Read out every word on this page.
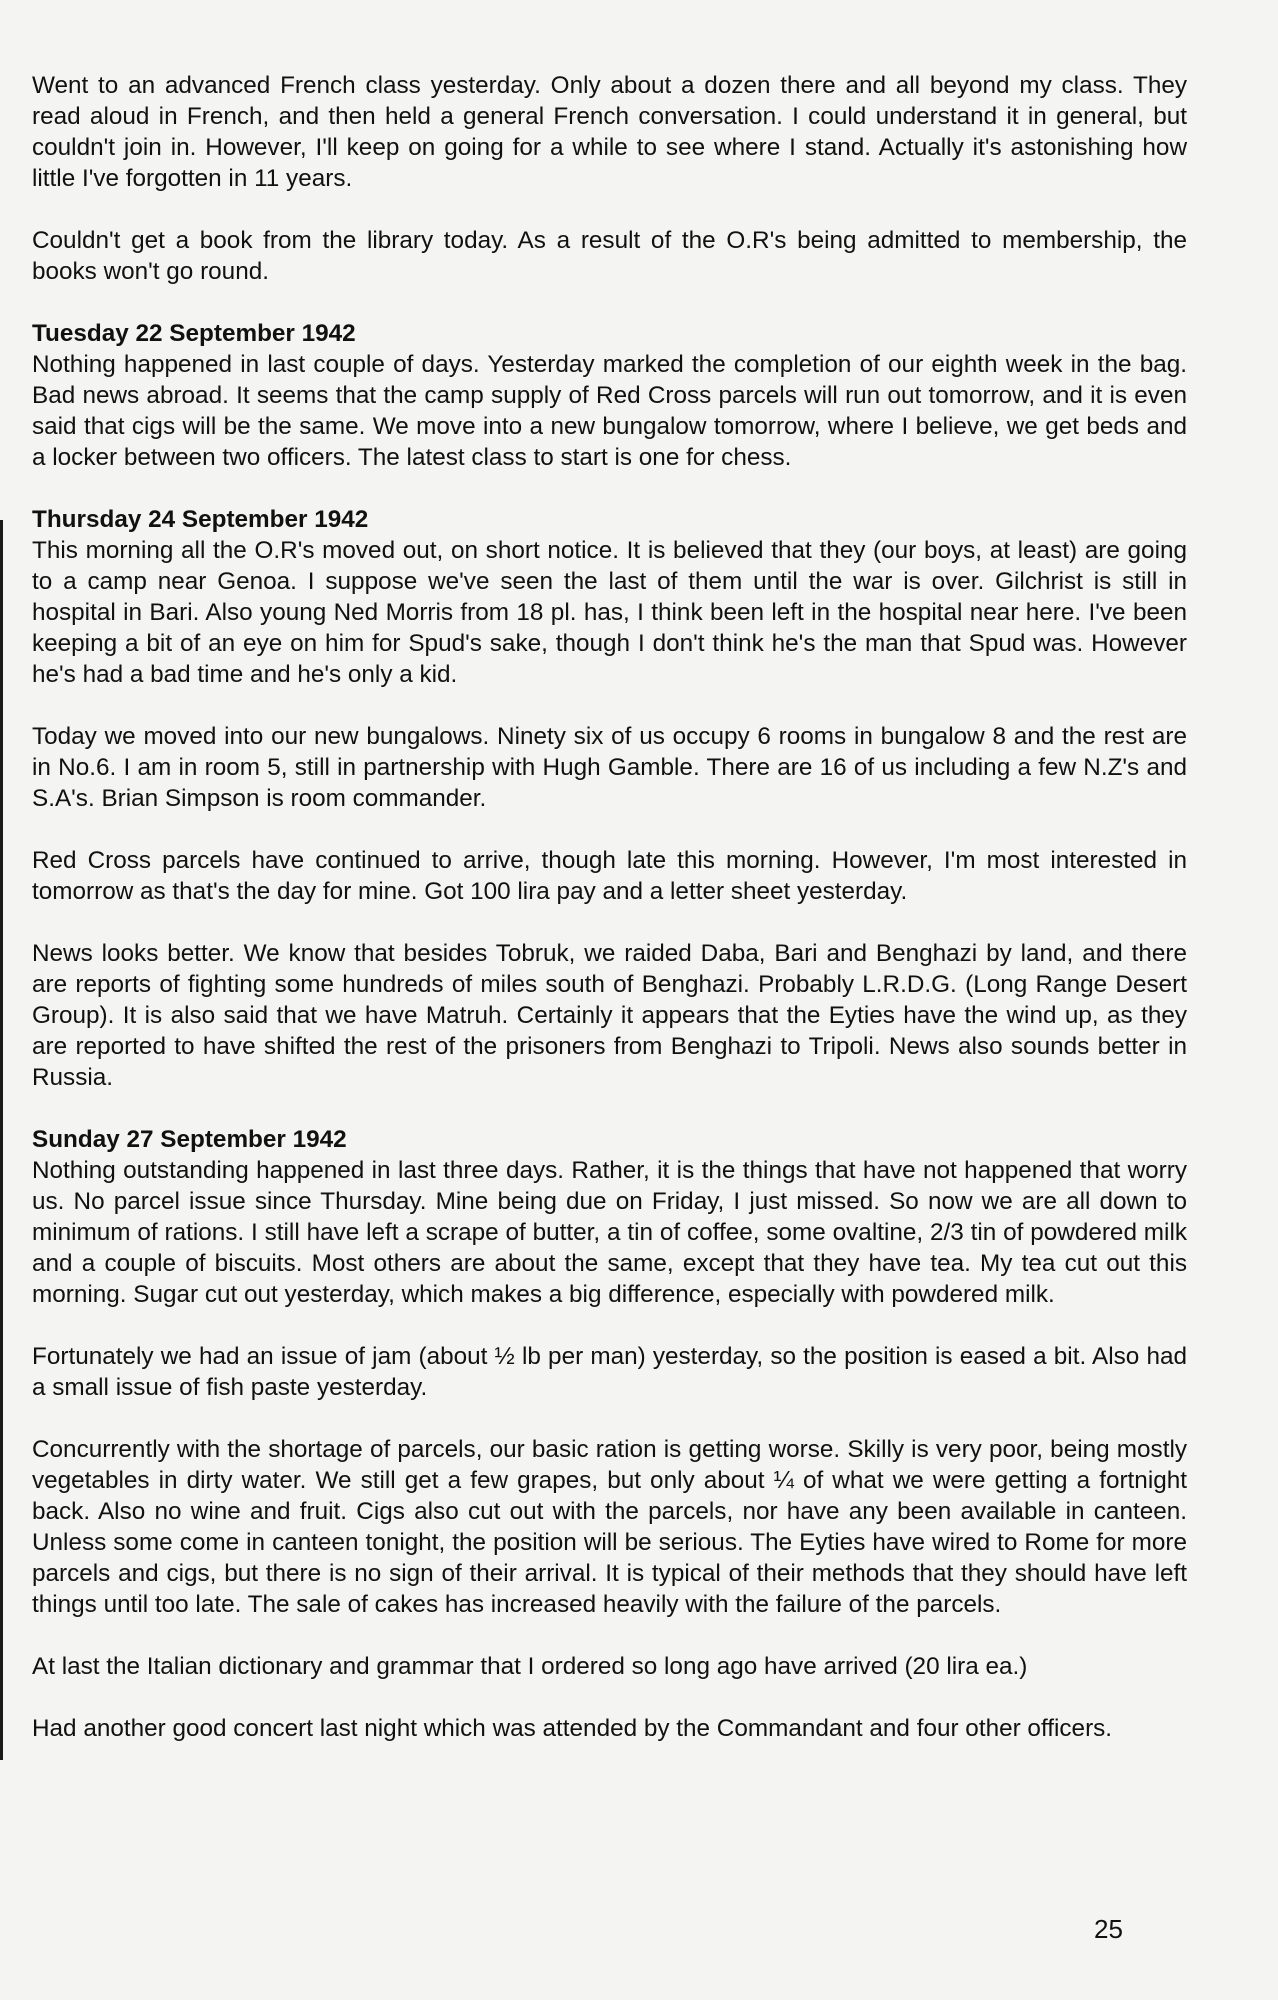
Went to an advanced French class yesterday. Only about a dozen there and all beyond my class. They read aloud in French, and then held a general French conversation. I could understand it in general, but couldn't join in. However, I'll keep on going for a while to see where I stand. Actually it's astonishing how little I've forgotten in 11 years.

Couldn't get a book from the library today. As a result of the O.R's being admitted to membership, the books won't go round.

Tuesday 22 September 1942

Nothing happened in last couple of days. Yesterday marked the completion of our eighth week in the bag. Bad news abroad. It seems that the camp supply of Red Cross parcels will run out tomorrow, and it is even said that cigs will be the same. We move into a new bungalow tomorrow, where I believe, we get beds and a locker between two officers. The latest class to start is one for chess.

Thursday 24 September 1942

This morning all the O.R's moved out, on short notice. It is believed that they (our boys, at least) are going to a camp near Genoa. I suppose we've seen the last of them until the war is over. Gilchrist is still in hospital in Bari. Also young Ned Morris from 18 pl. has, I think been left in the hospital near here. I've been keeping a bit of an eye on him for Spud's sake, though I don't think he's the man that Spud was. However he's had a bad time and he's only a kid.

Today we moved into our new bungalows. Ninety six of us occupy 6 rooms in bungalow 8 and the rest are in No.6. I am in room 5, still in partnership with Hugh Gamble. There are 16 of us including a few N.Z's and S.A's. Brian Simpson is room commander.

Red Cross parcels have continued to arrive, though late this morning. However, I'm most interested in tomorrow as that's the day for mine. Got 100 lira pay and a letter sheet yesterday.

News looks better. We know that besides Tobruk, we raided Daba, Bari and Benghazi by land, and there are reports of fighting some hundreds of miles south of Benghazi. Probably L.R.D.G. (Long Range Desert Group). It is also said that we have Matruh. Certainly it appears that the Eyties have the wind up, as they are reported to have shifted the rest of the prisoners from Benghazi to Tripoli. News also sounds better in Russia.

Sunday 27 September 1942

Nothing outstanding happened in last three days. Rather, it is the things that have not happened that worry us. No parcel issue since Thursday. Mine being due on Friday, I just missed. So now we are all down to minimum of rations. I still have left a scrape of butter, a tin of coffee, some ovaltine, 2/3 tin of powdered milk and a couple of biscuits. Most others are about the same, except that they have tea. My tea cut out this morning. Sugar cut out yesterday, which makes a big difference, especially with powdered milk.

Fortunately we had an issue of jam (about ½ lb per man) yesterday, so the position is eased a bit. Also had a small issue of fish paste yesterday.

Concurrently with the shortage of parcels, our basic ration is getting worse. Skilly is very poor, being mostly vegetables in dirty water. We still get a few grapes, but only about ¼ of what we were getting a fortnight back. Also no wine and fruit. Cigs also cut out with the parcels, nor have any been available in canteen. Unless some come in canteen tonight, the position will be serious. The Eyties have wired to Rome for more parcels and cigs, but there is no sign of their arrival. It is typical of their methods that they should have left things until too late. The sale of cakes has increased heavily with the failure of the parcels.

At last the Italian dictionary and grammar that I ordered so long ago have arrived (20 lira ea.)

Had another good concert last night which was attended by the Commandant and four other officers.

25
